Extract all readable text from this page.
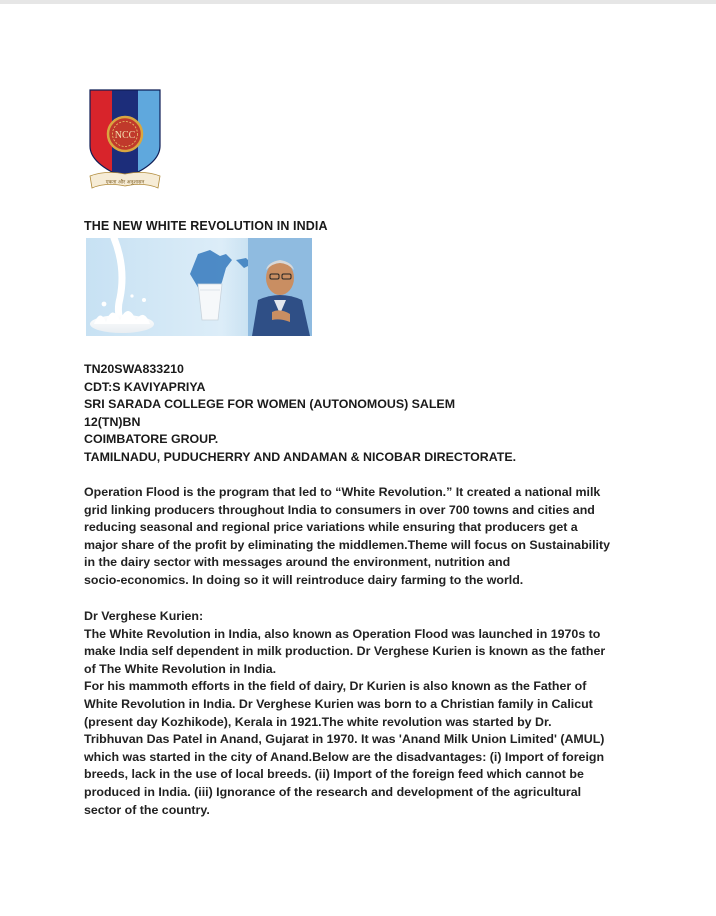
NCC
एकता और अनुशासन
THE NEW WHITE REVOLUTION IN INDIA
TN20SWA833210
CDT:S KAVIYAPRIYA
SRI SARADA COLLEGE FOR WOMEN (AUTONOMOUS) SALEM
12(TN)BN
COIMBATORE GROUP.
TAMILNADU, PUDUCHERRY AND ANDAMAN & NICOBAR DIRECTORATE.
Operation Flood is the program that led to “White Revolution.” It created a national milk
grid linking producers throughout India to consumers in over 700 towns and cities and
reducing seasonal and regional price variations while ensuring that producers get a
major share of the profit by eliminating the middlemen.Theme will focus on Sustainability
in the dairy sector with messages around the environment, nutrition and
socio-economics. In doing so it will reintroduce dairy farming to the world.
Dr Verghese Kurien:
The White Revolution in India, also known as Operation Flood was launched in 1970s to
make India self dependent in milk production. Dr Verghese Kurien is known as the father
of The White Revolution in India.
For his mammoth efforts in the field of dairy, Dr Kurien is also known as the Father of
White Revolution in India. Dr Verghese Kurien was born to a Christian family in Calicut
(present day Kozhikode), Kerala in 1921.The white revolution was started by Dr.
Tribhuvan Das Patel in Anand, Gujarat in 1970. It was 'Anand Milk Union Limited' (AMUL)
which was started in the city of Anand.Below are the disadvantages: (i) Import of foreign
breeds, lack in the use of local breeds. (ii) Import of the foreign feed which cannot be
produced in India. (iii) Ignorance of the research and development of the agricultural
sector of the country.
